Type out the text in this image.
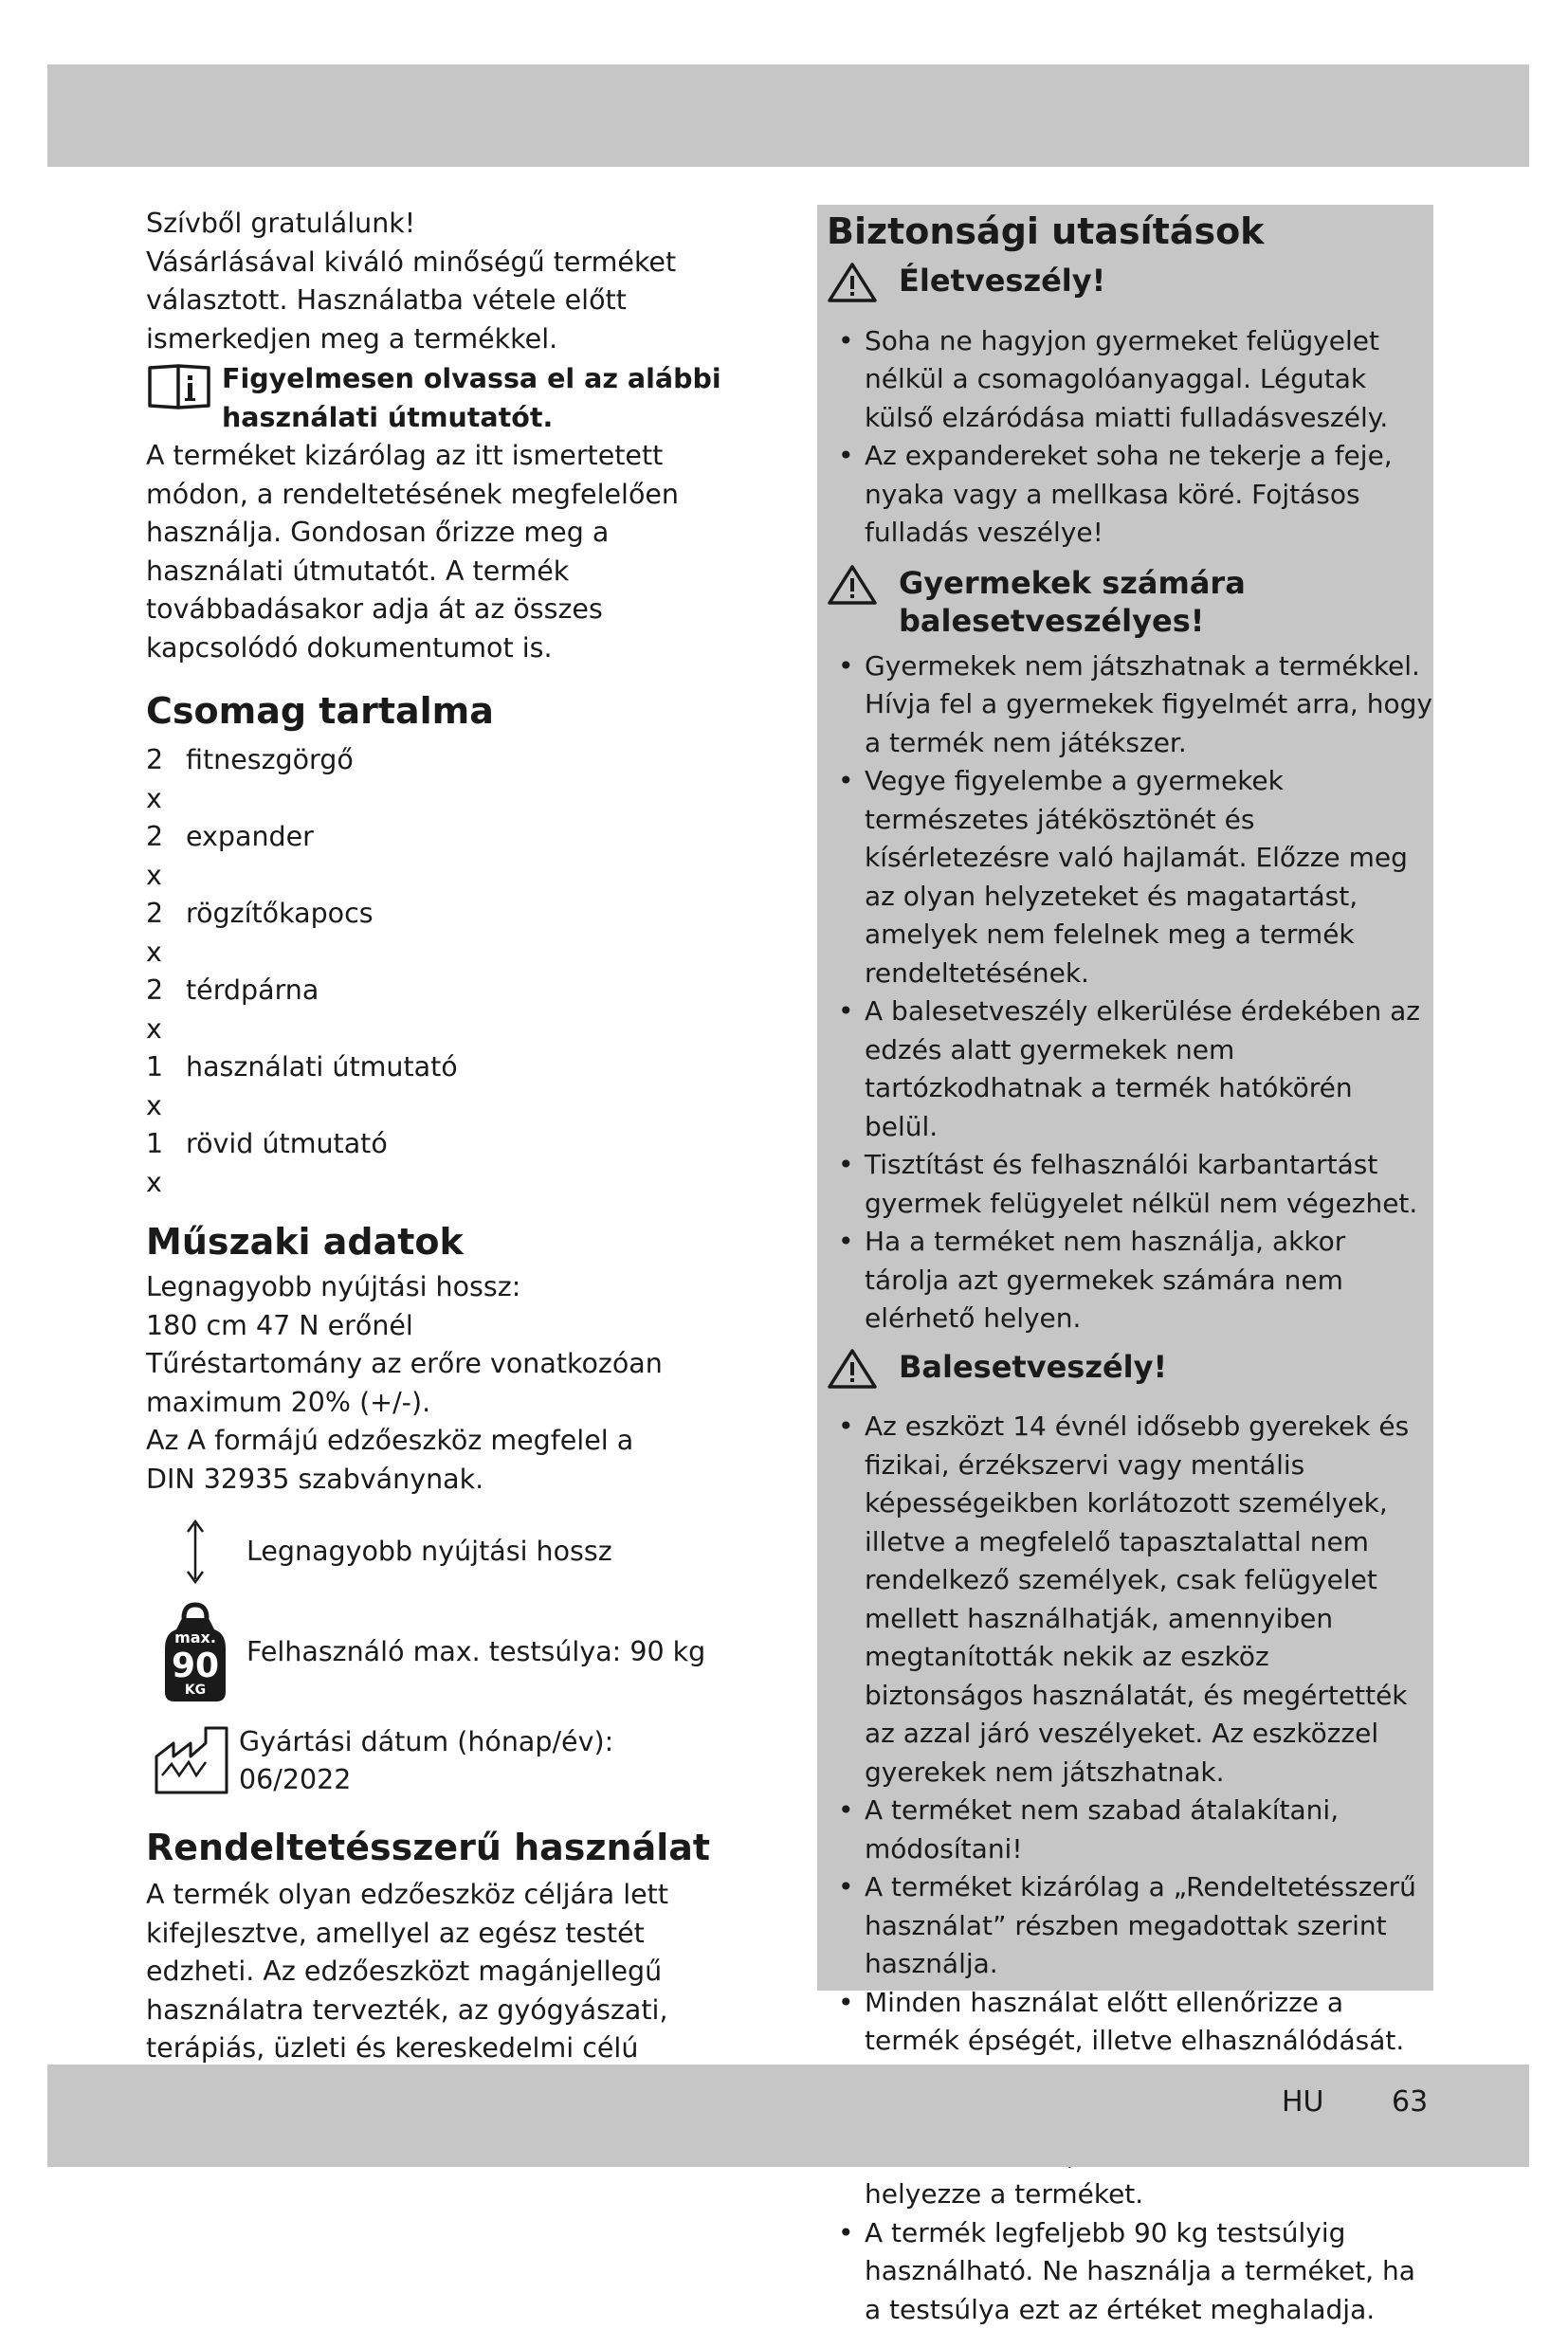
Szívből gratulálunk!

Vásárlásával kiváló minőségű terméket választott. Használatba vétele előtt ismerkedjen meg a termékkel.

Figyelmesen olvassa el az alábbi használati útmutatót.

A terméket kizárólag az itt ismertetett módon, a rendeltetésének megfelelően használja. Gondosan őrizze meg a használati útmutatót. A termék továbbadásakor adja át az összes kapcsolódó dokumentumot is.

Csomag tartalma
2 x
fitneszgörgő
2 x
expander
2 x
rögzítőkapocs
2 x
térdpárna
1 x
használati útmutató
1 x
rövid útmutató
Műszaki adatok

Legnagyobb nyújtási hossz:

180 cm 47 N erőnél

Tűréstartomány az erőre vonatkozóan maximum 20% (+/-).

Az A formájú edzőeszköz megfelel a

DIN 32935 szabványnak.

Legnagyobb nyújtási hossz
max.
90
KG
Felhasználó max. testsúlya: 90 kg

Gyártási dátum (hónap/év):

06/2022

Rendeltetésszerű használat

A termék olyan edzőeszköz céljára lett kifejlesztve, amellyel az egész testét edzheti. Az edzőeszközt magánjellegű használatra tervezték, az gyógyászati, terápiás, üzleti és kereskedelmi célú

Biztonsági utasítások
Életveszély!
• Soha ne hagyjon gyermeket felügyelet nélkül a csomagolóanyaggal. Légutak külső elzáródása miatti fulladásveszély.
• Az expandereket soha ne tekerje a feje, nyaka vagy a mellkasa köré. Fojtásos fulladás veszélye!
Gyermekek számára balesetveszélyes!
• Gyermekek nem játszhatnak a termékkel. Hívja fel a gyermekek figyelmét arra, hogy a termék nem játékszer.
• Vegye figyelembe a gyermekek természetes játékösztönét és kísérletezésre való hajlamát. Előzze meg az olyan helyzeteket és magatartást, amelyek nem felelnek meg a termék rendeltetésének.
• A balesetveszély elkerülése érdekében az edzés alatt gyermekek nem tartózkodhatnak a termék hatókörén belül.
• Tisztítást és felhasználói karbantartást gyermek felügyelet nélkül nem végezhet.
• Ha a terméket nem használja, akkor tárolja azt gyermekek számára nem elérhető helyen.
Balesetveszély!
• Az eszközt 14 évnél idősebb gyerekek és fizikai, érzékszervi vagy mentális képességeikben korlátozott személyek, illetve a megfelelő tapasztalattal nem rendelkező személyek, csak felügyelet mellett használhatják, amennyiben megtanították nekik az eszköz biztonságos használatát, és megértették az azzal járó veszélyeket. Az eszközzel gyerekek nem játszhatnak.
• A terméket nem szabad átalakítani, módosítani!
• A terméket kizárólag a „Rendeltetésszerű használat” részben megadottak szerint használja.
• Minden használat előtt ellenőrizze a termék épségét, illetve elhasználódását.
• helyezze a terméket.
• A termék legfeljebb 90 kg testsúlyig használható. Ne használja a terméket, ha a testsúlya ezt az értéket meghaladja.
HU 63
